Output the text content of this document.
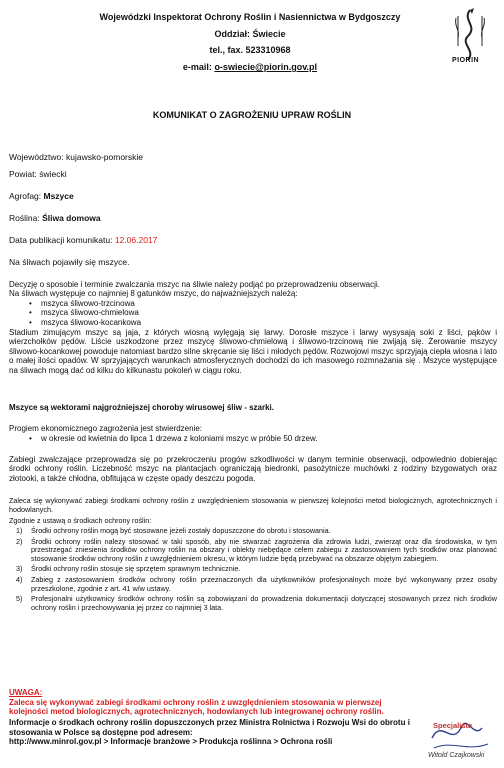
Wojewódzki Inspektorat Ochrony Roślin i Nasiennictwa w Bydgoszczy
Oddział: Świecie
tel., fax. 523310968
e-mail: o-swiecie@piorin.gov.pl
PIORIN
KOMUNIKAT O ZAGROŻENIU UPRAW ROŚLIN
Województwo: kujawsko-pomorskie
Powiat: świecki
Agrofag: Mszyce
Roślina: Śliwa domowa
Data publikacji komunikatu: 12.06.2017
Na śliwach pojawiły się mszyce.
Decyzję o sposobie i terminie zwalczania mszyc na śliwie należy podjąć po przeprowadzeniu obserwacji.
Na śliwach występuje co najmniej 8 gatunków mszyc, do najważniejszych należą:
• mszyca śliwowo-trzcinowa
• mszyca śliwowo-chmielowa
• mszyca śliwowo-kocankowa
Stadium zimującym mszyc są jaja, z których wiosną wylęgają się larwy. Dorosłe mszyce i larwy wysysają soki z liści, pąków i wierzchołków pędów. Liście uszkodzone przez mszycę śliwowo-chmielową i śliwowo-trzcinową nie zwijają się. Żerowanie mszycy śliwowo-kocankowej powoduje natomiast bardzo silne skręcanie się liści i młodych pędów. Rozwojowi mszyc sprzyjają ciepła wiosna i lato o małej ilości opadów. W sprzyjających warunkach atmosferycznych dochodzi do ich masowego rozmnażania się . Mszyce występujące na śliwach mogą dać od kilku do kilkunastu pokoleń w ciągu roku.
Mszyce są wektorami najgroźniejszej choroby wirusowej śliw - szarki.
Progiem ekonomicznego zagrożenia jest stwierdzenie:
• w okresie od kwietnia do lipca 1 drzewa z koloniami mszyc w próbie 50 drzew.
Zabiegi zwalczające przeprowadza się po przekroczeniu progów szkodliwości w danym terminie obserwacji, odpowiednio dobierając środki ochrony roślin. Liczebność mszyc na plantacjach ograniczają biedronki, pasożytnicze muchówki z rodziny bzygowatych oraz złotooki, a także chłodna, obfitująca w częste opady deszczu pogoda.
Zaleca się wykonywać zabiegi środkami ochrony roślin z uwzględnieniem stosowania w pierwszej kolejności metod biologicznych, agrotechnicznych i hodowlanych.
Zgodnie z ustawą o środkach ochrony roślin:
1) Środki ochrony roślin mogą być stosowane jeżeli zostały dopuszczone do obrotu i stosowania.
2) Środki ochrony roślin należy stosować w taki sposób, aby nie stwarzać zagrożenia dla zdrowia ludzi, zwierząt oraz dla środowiska, w tym przestrzegać zniesienia środków ochrony roślin na obszary i obiekty niebędące celem zabiegu z zastosowaniem tych środków oraz planować stosowanie środków ochrony roślin z uwzględnieniem okresu, w którym ludzie będą przebywać na obszarze objętym zabiegiem.
3) Środki ochrony roślin stosuje się sprzętem sprawnym technicznie.
4) Zabieg z zastosowaniem środków ochrony roślin przeznaczonych dla użytkowników profesjonalnych może być wykonywany przez osoby przeszkolone, zgodnie z art. 41 w/w ustawy.
5) Profesjonalni użytkownicy środków ochrony roślin są zobowiązani do prowadzenia dokumentacji dotyczącej stosowanych przez nich środków ochrony roślin i przechowywania jej przez co najmniej 3 lata.
UWAGA:
Zaleca się wykonywać zabiegi środkami ochrony roślin z uwzględnieniem stosowania w pierwszej kolejności metod biologicznych, agrotechnicznych, hodowlanych lub integrowanej ochrony roślin.
Informacje o środkach ochrony roślin dopuszczonych przez Ministra Rolnictwa i Rozwoju Wsi do obrotu i stosowania w Polsce są dostępne pod adresem:
http://www.minrol.gov.pl > Informacje branżowe > Produkcja roślinna > Ochrona rośli
Specjalista
Witold Czajkowski
